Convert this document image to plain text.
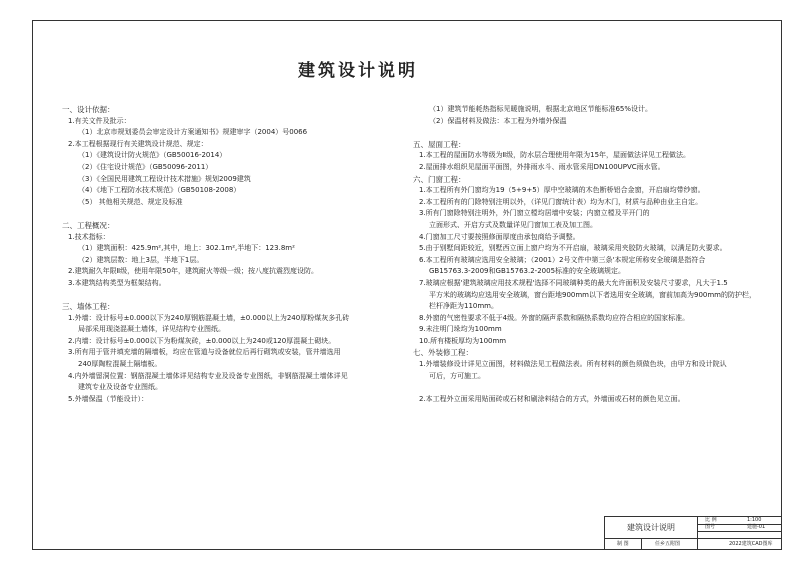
建筑设计说明
一、设计依据：
1.有关文件及批示：
（1）北京市规划委员会审定设计方案通知书》规建审字（2004）号0066
2.本工程根据现行有关建筑设计规范、规定：
（1）《建筑设计防火规范》（GB50016-2014）
（2）《住宅设计规范》（GB50096-2011）
（3）《全国民用建筑工程设计技术措施》规划2009建筑
（4）《地下工程防水技术规范》（GB50108-2008）
（5） 其他相关规范、规定及标准

二、工程概况：
1.技术指标：
（1）建筑面积：425.9m²,其中，地上：302.1m²,半地下：123.8m²
（2）建筑层数：地上3层，半地下1层。
2.建筑耐久年限Ⅱ级，使用年限50年，建筑耐火等级一级；按八度抗震烈度设防。
3.本建筑结构类型为框架结构。

三、墙体工程：
1.外墙：设计标号±0.000以下为240厚钢筋混凝土墙，±0.000以上为240厚粉煤灰多孔砖
局部采用现浇混凝土墙体，详见结构专业图纸。
2.内墙：设计标号±0.000以下为粉煤灰砖，±0.000以上为240或120厚混凝土砌块。
3.所有用于管井填充墙的隔墙板，均应在管道与设备就位后再行砌筑或安装，管井墙选用
240厚陶粒混凝土隔墙板。
4.内外墙留洞位置：钢筋混凝土墙体详见结构专业及设备专业图纸，非钢筋混凝土墙体详见
建筑专业及设备专业图纸。
5.外墙保温（节能设计）：
（1）建筑节能耗热指标见暖施说明，根据北京地区节能标准65%设计。
（2）保温材料及做法：本工程为外墙外保温

五、屋面工程：
1.本工程的屋面防水等级为Ⅱ级，防水层合理使用年限为15年，屋面做法详见工程做法。
2.屋面排水组织见屋面平面图，外排雨水斗、雨水管采用DN100UPVC雨水管。
六、门窗工程：
1.本工程所有外门窗均为19（5+9+5）厚中空玻璃的木色断桥铝合金窗，开启扇均带纱窗。
2.本工程所有的门除特别注明以外，（详见门窗统计表）均为木门，材质与品种由业主自定。
3.所有门窗除特别注明外，外门窗立樘均居墙中安装；内窗立樘及平开门的
立面形式、开启方式及数量详见门窗加工表及加工图。
4.门窗加工尺寸要按照修面厚度由承包商给予调整。
5.由于别墅间距较近，别墅西立面上窗户均为不开启扇，玻璃采用夹胶防火玻璃，以满足防火要求。
6.本工程所有玻璃应选用安全玻璃；（2001）2号文件中第三条'本规定所称安全玻璃是指符合
GB15763.3-2009和GB15763.2-2005标准的安全玻璃规定。
7.玻璃应根据'建筑玻璃应用技术规程'选择不同玻璃种类的最大允许面积及安装尺寸要求，凡大于1.5
平方米的玻璃均应选用安全玻璃，窗台距地900mm以下者选用安全玻璃，窗前加高为900mm的防护栏，
栏杆净距为110mm。
8.外窗的气密性要求不低于4级。外窗的隔声系数和隔热系数均应符合相应的国家标准。
9.未注明门垛均为100mm
10.所有楼板厚均为100mm
七、外装修工程：
1.外墙装修设计详见立面图，材料做法见工程做法表。所有材料的颜色须做色块，由甲方和设计院认
可后，方可施工。

2.本工程外立面采用贴面砖或石材和刷涂料结合的方式，外墙面或石材的颜色见立面。
建筑设计说明
比 例	1:100
图号	建施-01
制 图	任乡五附图	2022建筑CAD图库
